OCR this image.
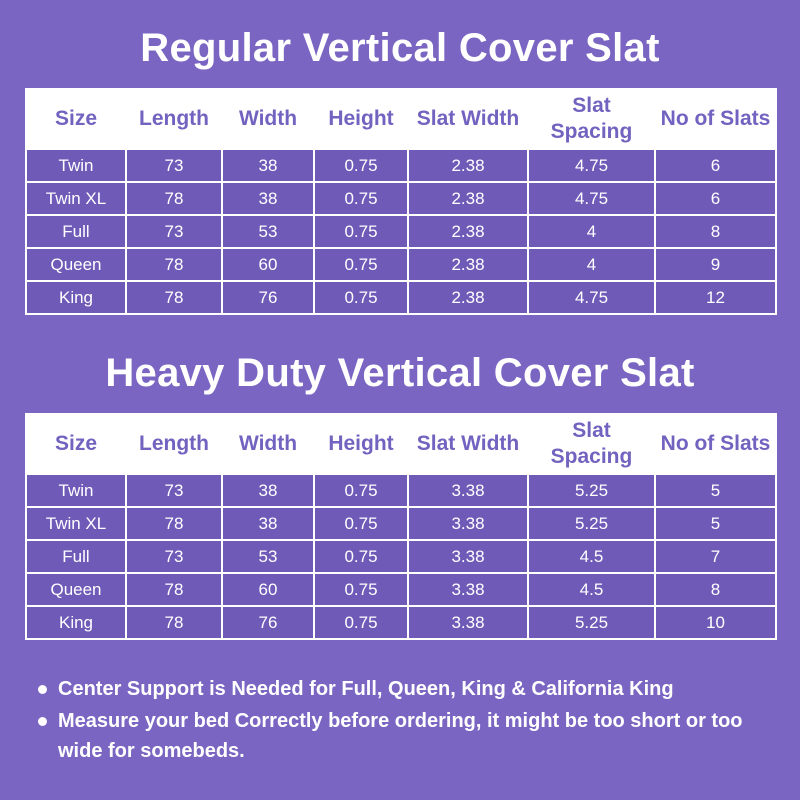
Regular Vertical Cover Slat
Size	Length	Width	Height	Slat Width	Slat Spacing	No of Slats
Twin	73	38	0.75	2.38	4.75	6
Twin XL	78	38	0.75	2.38	4.75	6
Full	73	53	0.75	2.38	4	8
Queen	78	60	0.75	2.38	4	9
King	78	76	0.75	2.38	4.75	12
Heavy Duty Vertical Cover Slat
Size	Length	Width	Height	Slat Width	Slat Spacing	No of Slats
Twin	73	38	0.75	3.38	5.25	5
Twin XL	78	38	0.75	3.38	5.25	5
Full	73	53	0.75	3.38	4.5	7
Queen	78	60	0.75	3.38	4.5	8
King	78	76	0.75	3.38	5.25	10
Center Support is Needed for Full, Queen, King & California King
Measure your bed Correctly before ordering, it might be too short or too wide for somebeds.
